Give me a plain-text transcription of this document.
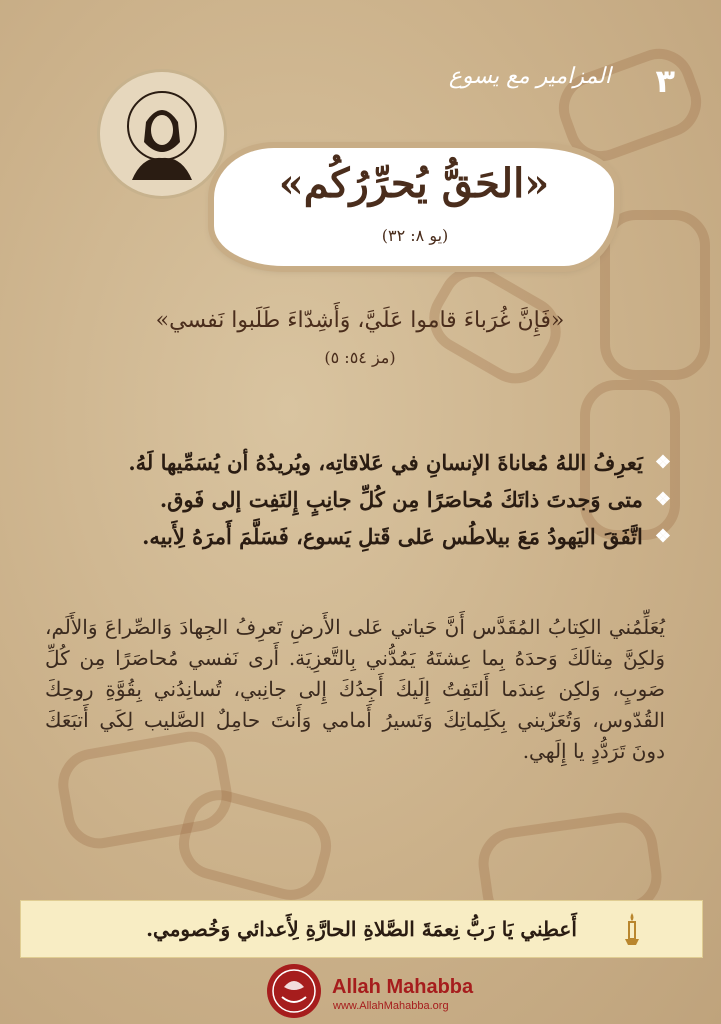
٣
المزامير مع يسوع
«الحَقُّ يُحرِّرُكُم»
(يو ٨: ٣٢)
«فَإِنَّ غُرَباءَ قاموا عَلَيَّ، وَأَشِدّاءَ طَلَبوا نَفسي»
(مز ٥٤: ٥)
❖
يَعرِفُ اللهُ مُعاناةَ الإنسانِ في عَلاقاتِه، ويُريدُهُ أن يُسَمِّيها لَهُ.
❖
متى وَجدتَ ذاتَكَ مُحاصَرًا مِن كُلِّ جانِبٍ إِلتَفِت إلى فَوق.
❖
اتَّفَقَ اليَهودُ مَعَ بيلاطُس عَلى قَتلِ يَسوع، فَسَلَّمَ أَمرَهُ لِأَبيه.
يُعَلِّمُني الكِتابُ المُقَدَّس أَنَّ حَياتي عَلى الأَرضِ تَعرِفُ الجِهادَ وَالصِّراعَ وَالأَلَم، وَلكِنَّ مِثالَكَ وَحدَهُ بِما عِشتَهُ يَمُدُّني بِالتَّعزِيَة. أَرى نَفسي مُحاصَرًا مِن كُلِّ صَوبٍ، وَلكِن عِندَما أَلتَفِتُ إِلَيكَ أَجِدُكَ إِلى جانِبي، تُسانِدُني بِقُوَّةِ روحِكَ القُدّوس، وَتُعَزّيني بِكَلِماتِكَ وَتَسيرُ أَمامي وَأَنتَ حامِلٌ الصَّليب لِكَي أَتبَعَكَ دونَ تَرَدُّدٍ يا إِلَهي.
أَعطِني يَا رَبُّ نِعمَةَ الصَّلاةِ الحارَّةِ لِأَعدائي وَخُصومي.
Allah Mahabba
www.AllahMahabba.org
